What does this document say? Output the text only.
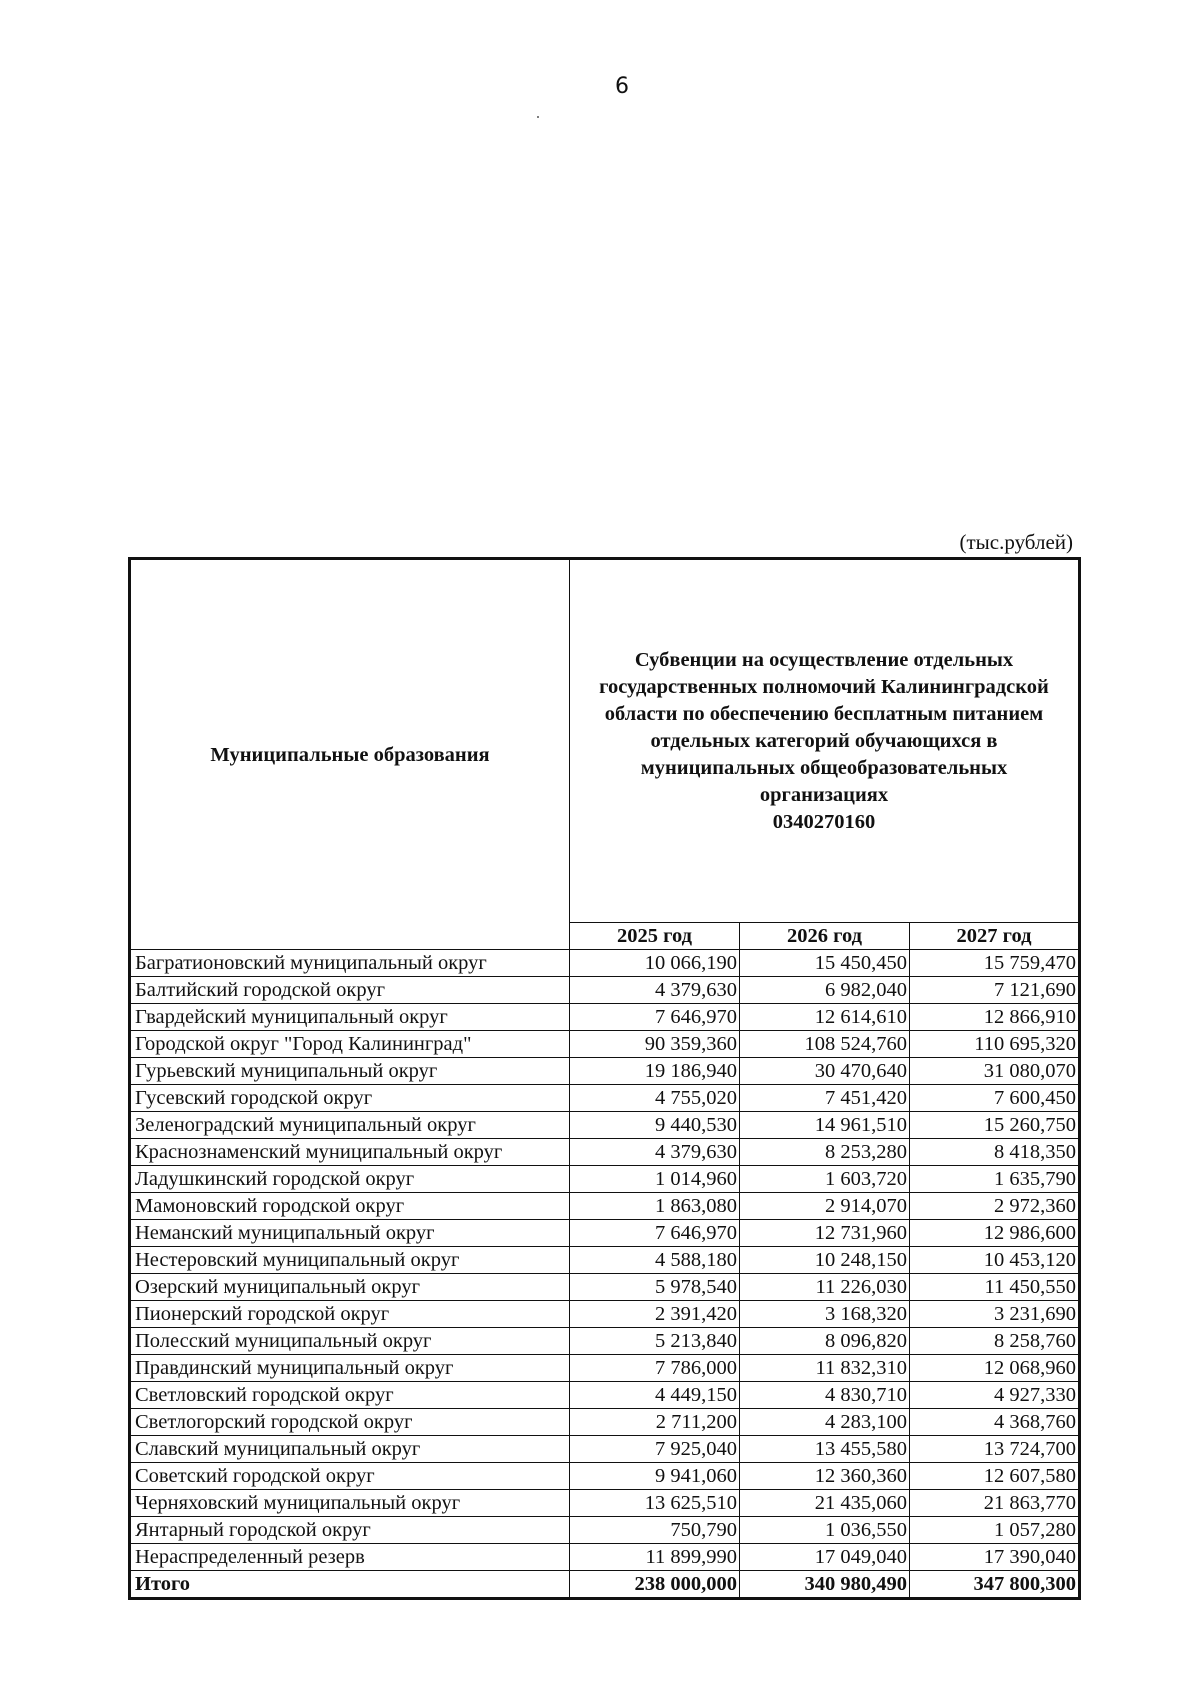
6
(тыс.рублей)
Муниципальные образования	Субвенции на осуществление отдельных государственных полномочий Калининградской области по обеспечению бесплатным питанием отдельных категорий обучающихся в муниципальных общеобразовательных организациях
0340270160		
	2025 год	2026 год	2027 год
Багратионовский муниципальный округ	10 066,190	15 450,450	15 759,470
Балтийский городской округ	4 379,630	6 982,040	7 121,690
Гвардейский муниципальный округ	7 646,970	12 614,610	12 866,910
Городской округ "Город Калининград"	90 359,360	108 524,760	110 695,320
Гурьевский муниципальный округ	19 186,940	30 470,640	31 080,070
Гусевский городской округ	4 755,020	7 451,420	7 600,450
Зеленоградский муниципальный округ	9 440,530	14 961,510	15 260,750
Краснознаменский муниципальный округ	4 379,630	8 253,280	8 418,350
Ладушкинский городской округ	1 014,960	1 603,720	1 635,790
Мамоновский городской округ	1 863,080	2 914,070	2 972,360
Неманский муниципальный округ	7 646,970	12 731,960	12 986,600
Нестеровский муниципальный округ	4 588,180	10 248,150	10 453,120
Озерский муниципальный округ	5 978,540	11 226,030	11 450,550
Пионерский городской округ	2 391,420	3 168,320	3 231,690
Полесский муниципальный округ	5 213,840	8 096,820	8 258,760
Правдинский муниципальный округ	7 786,000	11 832,310	12 068,960
Светловский городской округ	4 449,150	4 830,710	4 927,330
Светлогорский городской округ	2 711,200	4 283,100	4 368,760
Славский муниципальный округ	7 925,040	13 455,580	13 724,700
Советский городской округ	9 941,060	12 360,360	12 607,580
Черняховский муниципальный округ	13 625,510	21 435,060	21 863,770
Янтарный городской округ	750,790	1 036,550	1 057,280
Нераспределенный резерв	11 899,990	17 049,040	17 390,040
Итого	238 000,000	340 980,490	347 800,300
